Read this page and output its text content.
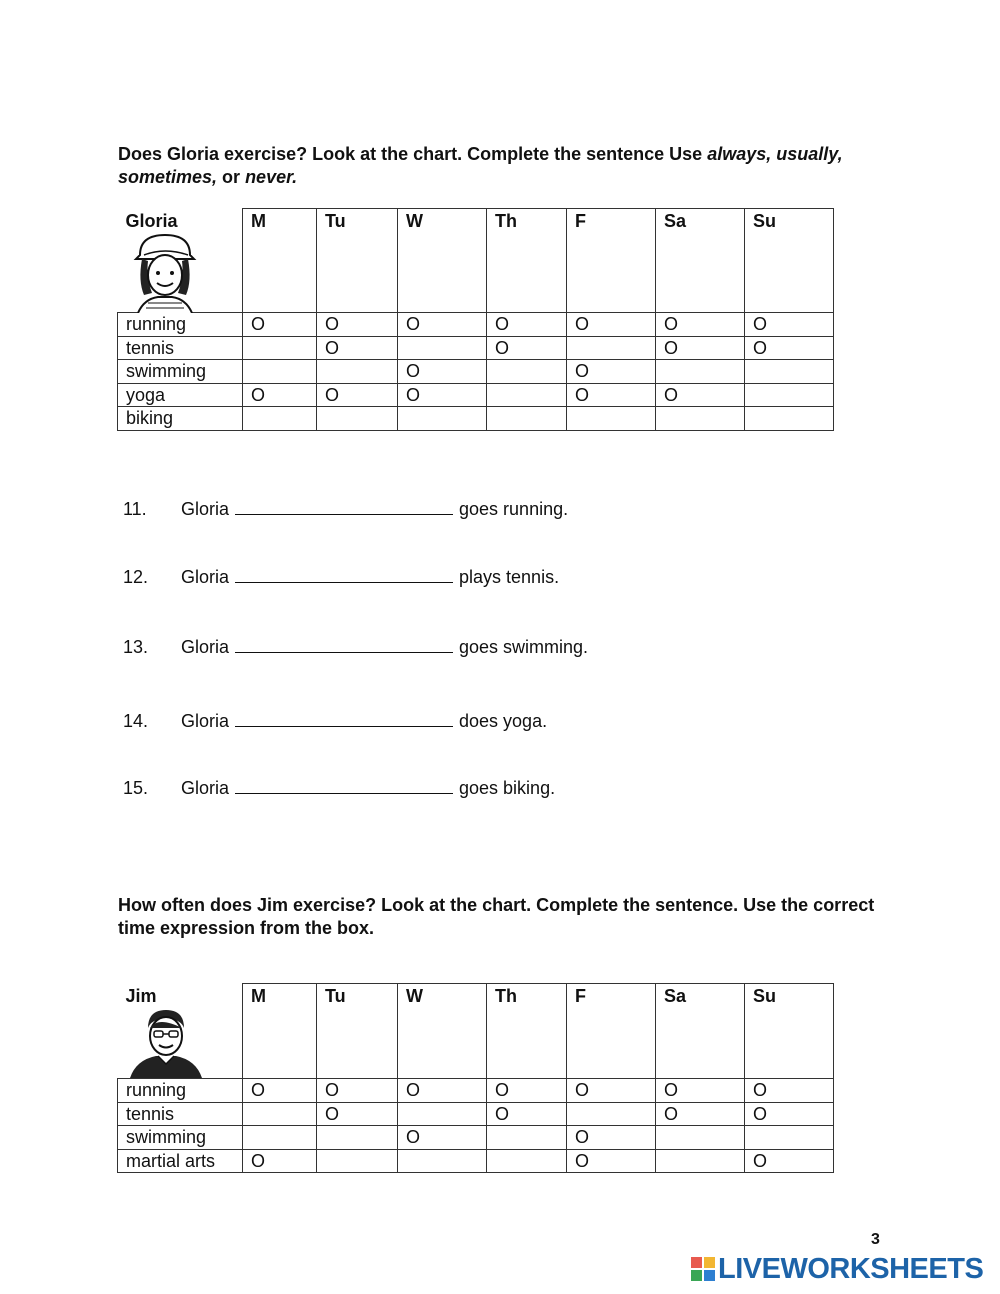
Does Gloria exercise? Look at the chart. Complete the sentence Use always, usually, sometimes, or never.
Gloria	M	Tu	W	Th	F	Sa	Su
running	O	O	O	O	O	O	O
tennis		O		O		O	O
swimming			O		O		
yoga	O	O	O		O	O	
biking							
11. Gloria	goes running.
12. Gloria	plays tennis.
13. Gloria	goes swimming.
14. Gloria	does yoga.
15. Gloria	goes biking.
How often does Jim exercise? Look at the chart. Complete the sentence. Use the correct time expression from the box.
Jim	M	Tu	W	Th	F	Sa	Su
running	O	O	O	O	O	O	O
tennis		O		O		O	O
swimming			O		O		
martial arts	O				O		O
3
LIVEWORKSHEETS
